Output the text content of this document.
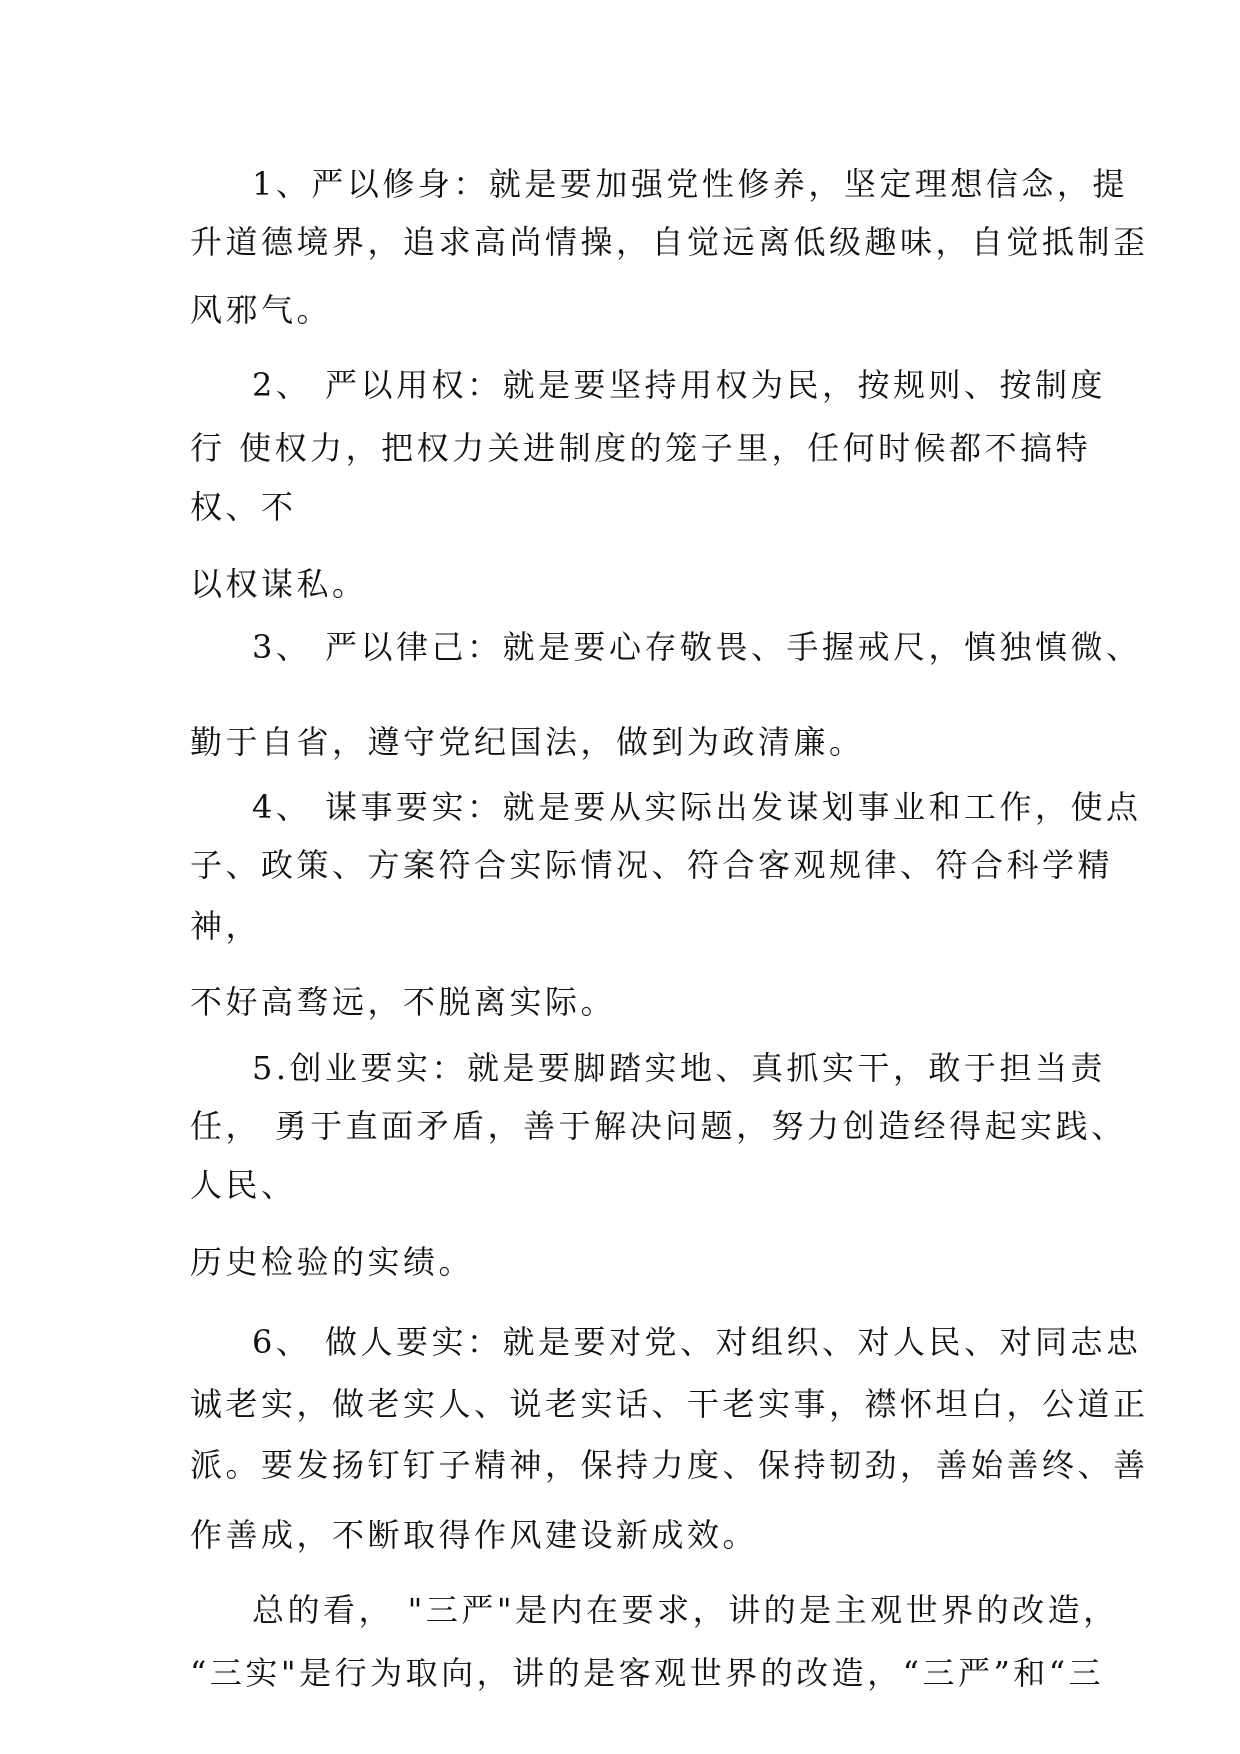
1、严以修身：就是要加强党性修养，坚定理想信念，提

升道德境界，追求高尚情操，自觉远离低级趣味，自觉抵制歪

风邪气。

2、 严以用权：就是要坚持用权为民，按规则、按制度

行 使权力，把权力关进制度的笼子里，任何时候都不搞特

权、不

以权谋私。

3、 严以律己：就是要心存敬畏、手握戒尺，慎独慎微、

勤于自省，遵守党纪国法，做到为政清廉。

4、 谋事要实：就是要从实际出发谋划事业和工作，使点

子、政策、方案符合实际情况、符合客观规律、符合科学精

神，

不好高骛远，不脱离实际。

5.创业要实：就是要脚踏实地、真抓实干，敢于担当责

任， 勇于直面矛盾，善于解决问题，努力创造经得起实践、

人民、

历史检验的实绩。

6、 做人要实：就是要对党、对组织、对人民、对同志忠

诚老实，做老实人、说老实话、干老实事，襟怀坦白，公道正

派。要发扬钉钉子精神，保持力度、保持韧劲，善始善终、善

作善成，不断取得作风建设新成效。

总的看， "三严"是内在要求，讲的是主观世界的改造，

“三实"是行为取向，讲的是客观世界的改造，“三严”和“三
